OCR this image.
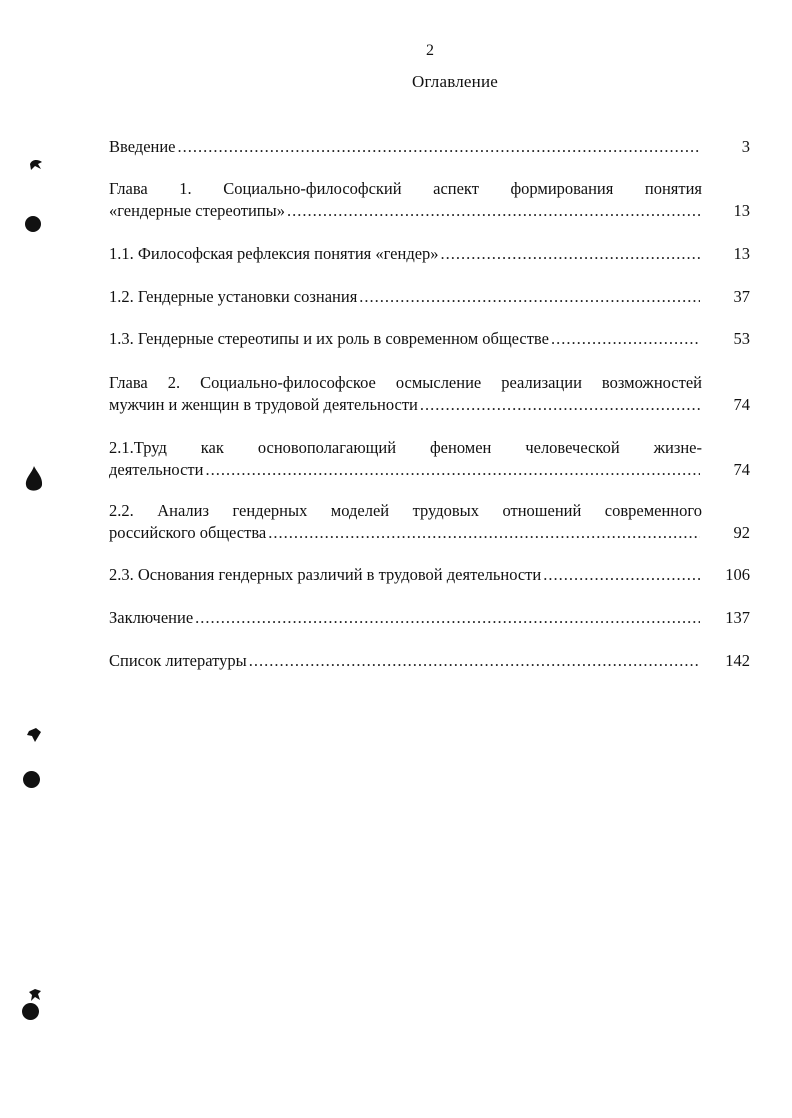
2
Оглавление
Введение .....	3
Глава 1. Социально-философский аспект формирования понятия
«гендерные стереотипы» .....	13
1.1. Философская рефлексия понятия «гендер» .....	13
1.2. Гендерные установки сознания .....	37
1.3. Гендерные стереотипы и их роль в современном обществе .....	53
Глава 2. Социально-философское осмысление реализации возможностей
мужчин и женщин в трудовой деятельности .....	74
2.1.Труд как основополагающий феномен человеческой жизне-
деятельности .....	74
2.2. Анализ гендерных моделей трудовых отношений современного
российского общества .....	92
2.3. Основания гендерных различий в трудовой деятельности .....	106
Заключение .....	137
Список литературы .....	142
